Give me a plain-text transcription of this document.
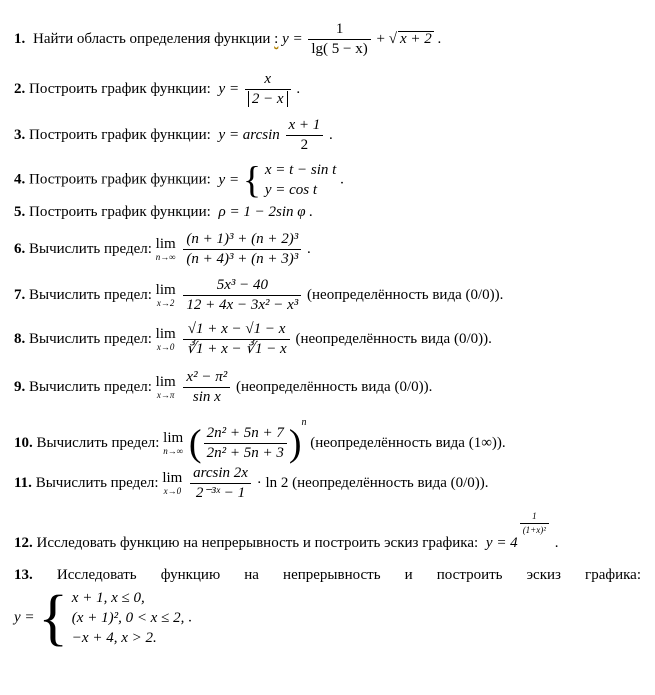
1. Найти область определения функции : $y = \frac{1}{\lg( 5 - x)}$ + √ x + 2 .
2. Построить график функции: $y = \frac{x}{2 - x}$ .
3. Построить график функции: $y = \arcsin \frac{x + 1}{2}$ .
4. Построить график функции: y = { x = t − sin t
y = cos t
.
5. Построить график функции: ρ = 1 − 2sin φ .
6. Вычислить предел: lim
n→∞
$\frac{\text{(n + 1)³ + (n + 2)³}}{\text{(n + 4)³ + (n + 3)³}}$ .
7. Вычислить предел: lim
x→2
$\frac{\text{5x³ − 40}}{\text{12 + 4x − 3x² − x³}}$ (неопределённость вида (0/0)).
8. Вычислить предел: lim
x→0
$\frac{√1 + x - √1 - x}{∛1 + x - ∛1 - x}$ (неопределённость вида (0/0)).
9. Вычислить предел: lim
x→π
$\frac{\text{x² − π²}}{\text{sin x}}$ (неопределённость вида (0/0)).
10. Вычислить предел: lim
n→∞ ( $\frac{\text{2n² + 5n + 7}}{\text{2n² + 5n + 3}} )^n$ (неопределённость вида (1∞)).
11. Вычислить предел: lim
x→0
$\frac{\arcsin 2x}{\text{2⁻³ˣ − 1}} \cdot \ln 2$ (неопределённость вида (0/0)).
12. Исследовать функцию на непрерывность и построить эскиз графика: y = 4
$\frac{1}{\text{(1+x)²}}$
.
13. Исследовать функцию на непрерывность и построить эскиз графика:
y = { x + 1, x ≤ 0,
(x + 1)², 0 < x ≤ 2,
−x + 4, x > 2.
.
